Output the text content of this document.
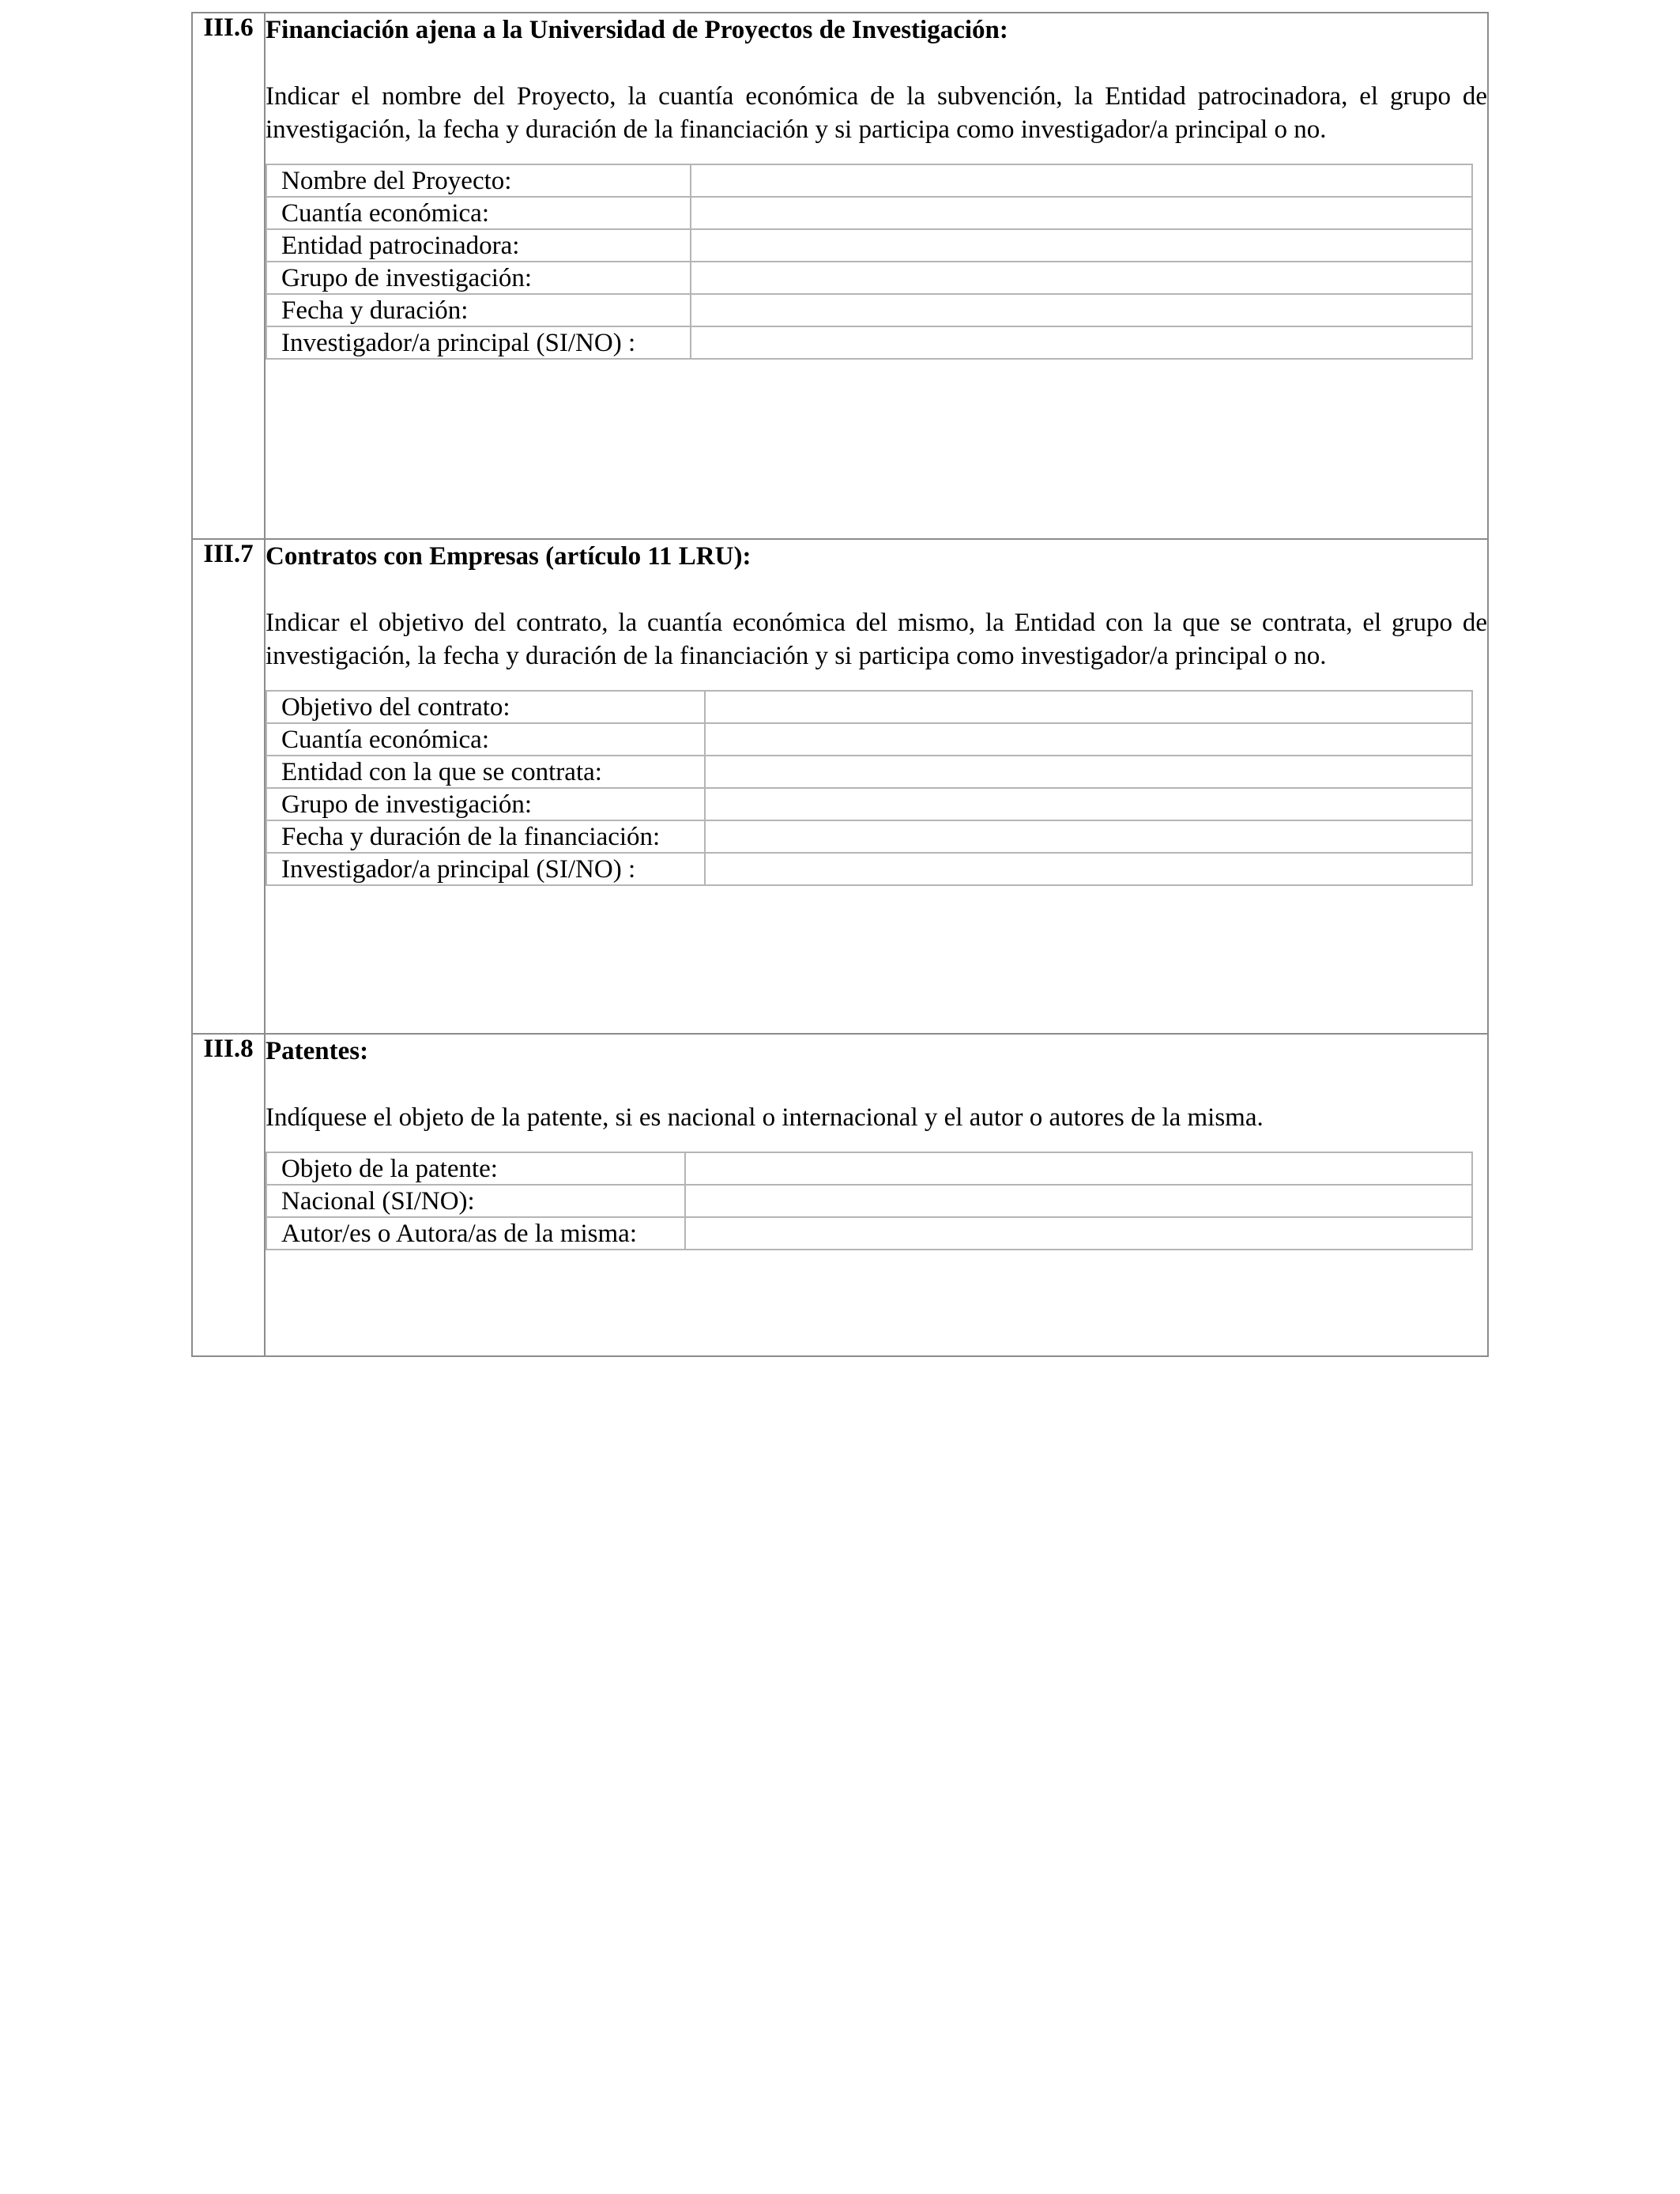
III.6	Financiación ajena a la Universidad de Proyectos de Investigación:

Indicar el nombre del Proyecto, la cuantía económica de la subvención, la Entidad patrocinadora, el grupo de investigación, la fecha y duración de la financiación y si participa como investigador/a principal o no.

Nombre del Proyecto:	
Cuantía económica:	
Entidad patrocinadora:	
Grupo de investigación:	
Fecha y duración:	
Investigador/a principal (SI/NO) :	

III.7	Contratos con Empresas (artículo 11 LRU):

Indicar el objetivo del contrato, la cuantía económica del mismo, la Entidad con la que se contrata, el grupo de investigación, la fecha y duración de la financiación y si participa como investigador/a principal o no.

Objetivo del contrato:	
Cuantía económica:	
Entidad con la que se contrata:	
Grupo de investigación:	
Fecha y duración de la financiación:	
Investigador/a principal (SI/NO) :	

III.8	Patentes:

Indíquese el objeto de la patente, si es nacional o internacional y el autor o autores de la misma.

Objeto de la patente:	
Nacional (SI/NO):	
Autor/es o Autora/as de la misma:	
